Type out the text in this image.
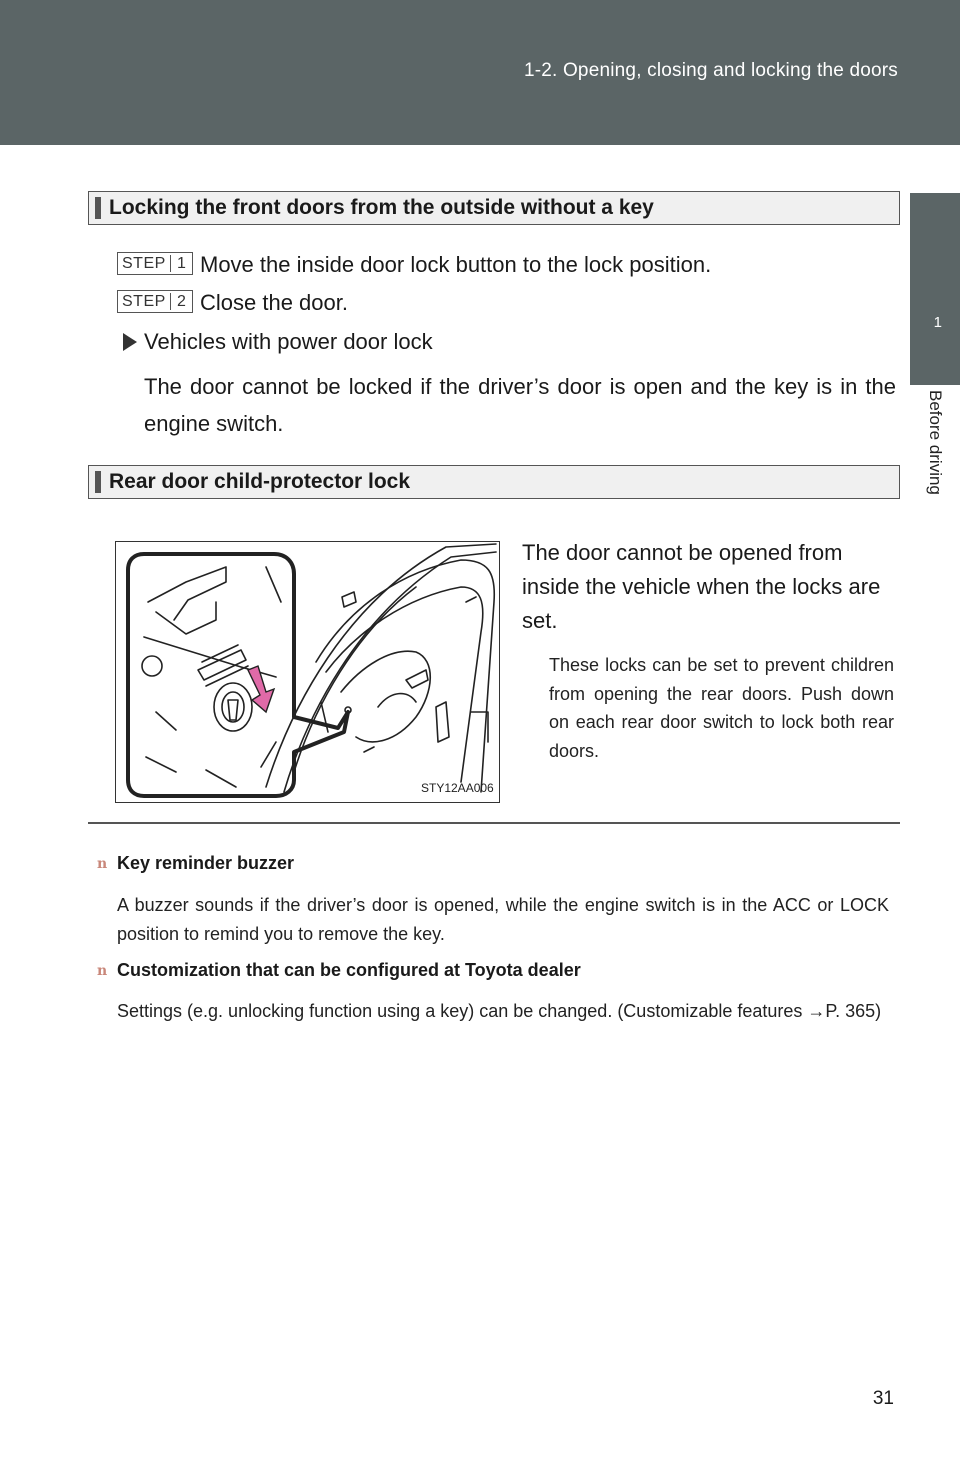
1-2. Opening, closing and locking the doors
1
Before driving
Locking the front doors from the outside without a key
STEP 1 Move the inside door lock button to the lock position.
STEP 2 Close the door.
Vehicles with power door lock

The door cannot be locked if the driver’s door is open and the key is in the engine switch.

Rear door child-protector lock
STY12AA006

The door cannot be opened from inside the vehicle when the locks are set.

These locks can be set to prevent children from opening the rear doors. Push down on each rear door switch to lock both rear doors.

n Key reminder buzzer

A buzzer sounds if the driver’s door is opened, while the engine switch is in the ACC or LOCK position to remind you to remove the key.

n Customization that can be configured at Toyota dealer

Settings (e.g. unlocking function using a key) can be changed. (Customizable features →P. 365)

31
